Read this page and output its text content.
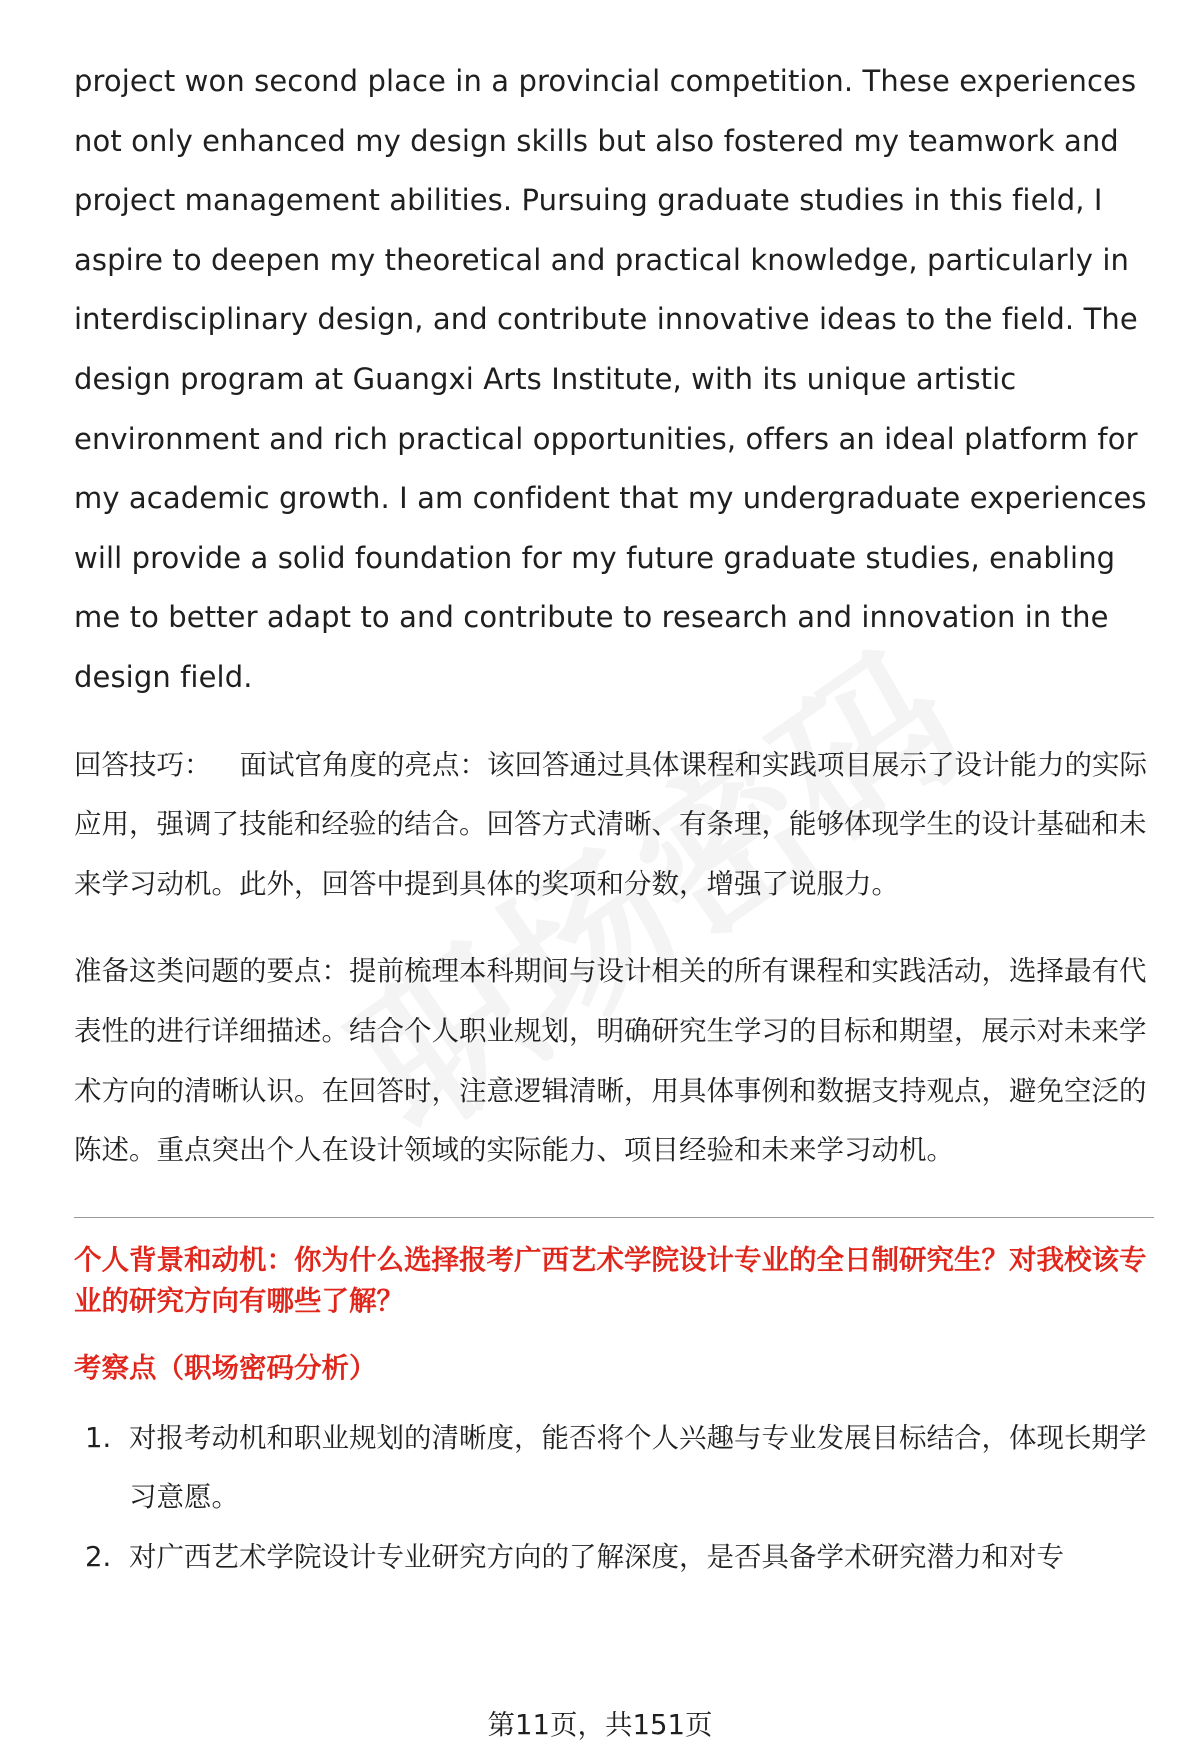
project won second place in a provincial competition. These experiences not only enhanced my design skills but also fostered my teamwork and project management abilities. Pursuing graduate studies in this field, I aspire to deepen my theoretical and practical knowledge, particularly in interdisciplinary design, and contribute innovative ideas to the field. The design program at Guangxi Arts Institute, with its unique artistic environment and rich practical opportunities, offers an ideal platform for my academic growth. I am confident that my undergraduate experiences will provide a solid foundation for my future graduate studies, enabling me to better adapt to and contribute to research and innovation in the design field.

回答技巧： 面试官角度的亮点：该回答通过具体课程和实践项目展示了设计能力的实际应用，强调了技能和经验的结合。回答方式清晰、有条理，能够体现学生的设计基础和未来学习动机。此外，回答中提到具体的奖项和分数，增强了说服力。

准备这类问题的要点：提前梳理本科期间与设计相关的所有课程和实践活动，选择最有代表性的进行详细描述。结合个人职业规划，明确研究生学习的目标和期望，展示对未来学术方向的清晰认识。在回答时，注意逻辑清晰，用具体事例和数据支持观点，避免空泛的陈述。重点突出个人在设计领域的实际能力、项目经验和未来学习动机。

个人背景和动机：你为什么选择报考广西艺术学院设计专业的全日制研究生？对我校该专业的研究方向有哪些了解？
考察点（职场密码分析）
1. 对报考动机和职业规划的清晰度，能否将个人兴趣与专业发展目标结合，体现长期学习意愿。
2. 对广西艺术学院设计专业研究方向的了解深度，是否具备学术研究潜力和对专
第11页，共151页
